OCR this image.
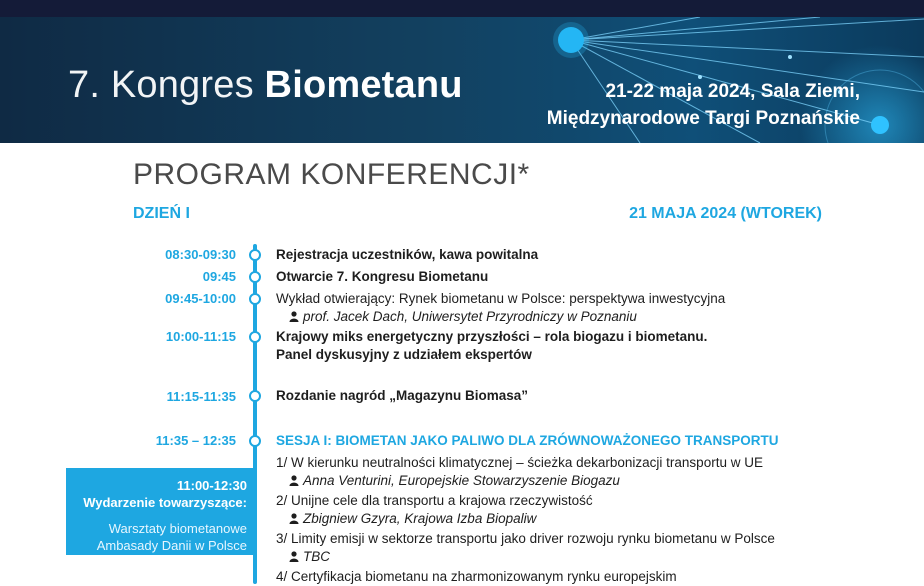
7. Kongres Biometanu	21-22 maja 2024, Sala Ziemi,
Międzynarodowe Targi Poznańskie
PROGRAM KONFERENCJI*
DZIEŃ I	21 MAJA 2024 (WTOREK)
08:30-09:30
09:45
09:45-10:00
10:00-11:15
11:15-11:35
11:35 – 12:35
Rejestracja uczestników, kawa powitalna
Otwarcie 7. Kongresu Biometanu
Wykład otwierający: Rynek biometanu w Polsce: perspektywa inwestycyjna
prof. Jacek Dach, Uniwersytet Przyrodniczy w Poznaniu
Krajowy miks energetyczny przyszłości – rola biogazu i biometanu.
Panel dyskusyjny z udziałem ekspertów
Rozdanie nagród „Magazynu Biomasa”
SESJA I: BIOMETAN JAKO PALIWO DLA ZRÓWNOWAŻONEGO TRANSPORTU
1/ W kierunku neutralności klimatycznej – ścieżka dekarbonizacji transportu w UE
Anna Venturini, Europejskie Stowarzyszenie Biogazu
2/ Unijne cele dla transportu a krajowa rzeczywistość
Zbigniew Gzyra, Krajowa Izba Biopaliw
3/ Limity emisji w sektorze transportu jako driver rozwoju rynku biometanu w Polsce
TBC
4/ Certyfikacja biometanu na zharmonizowanym rynku europejskim
11:00-12:30
Wydarzenie towarzyszące:
Warsztaty biometanowe
Ambasady Danii w Polsce
